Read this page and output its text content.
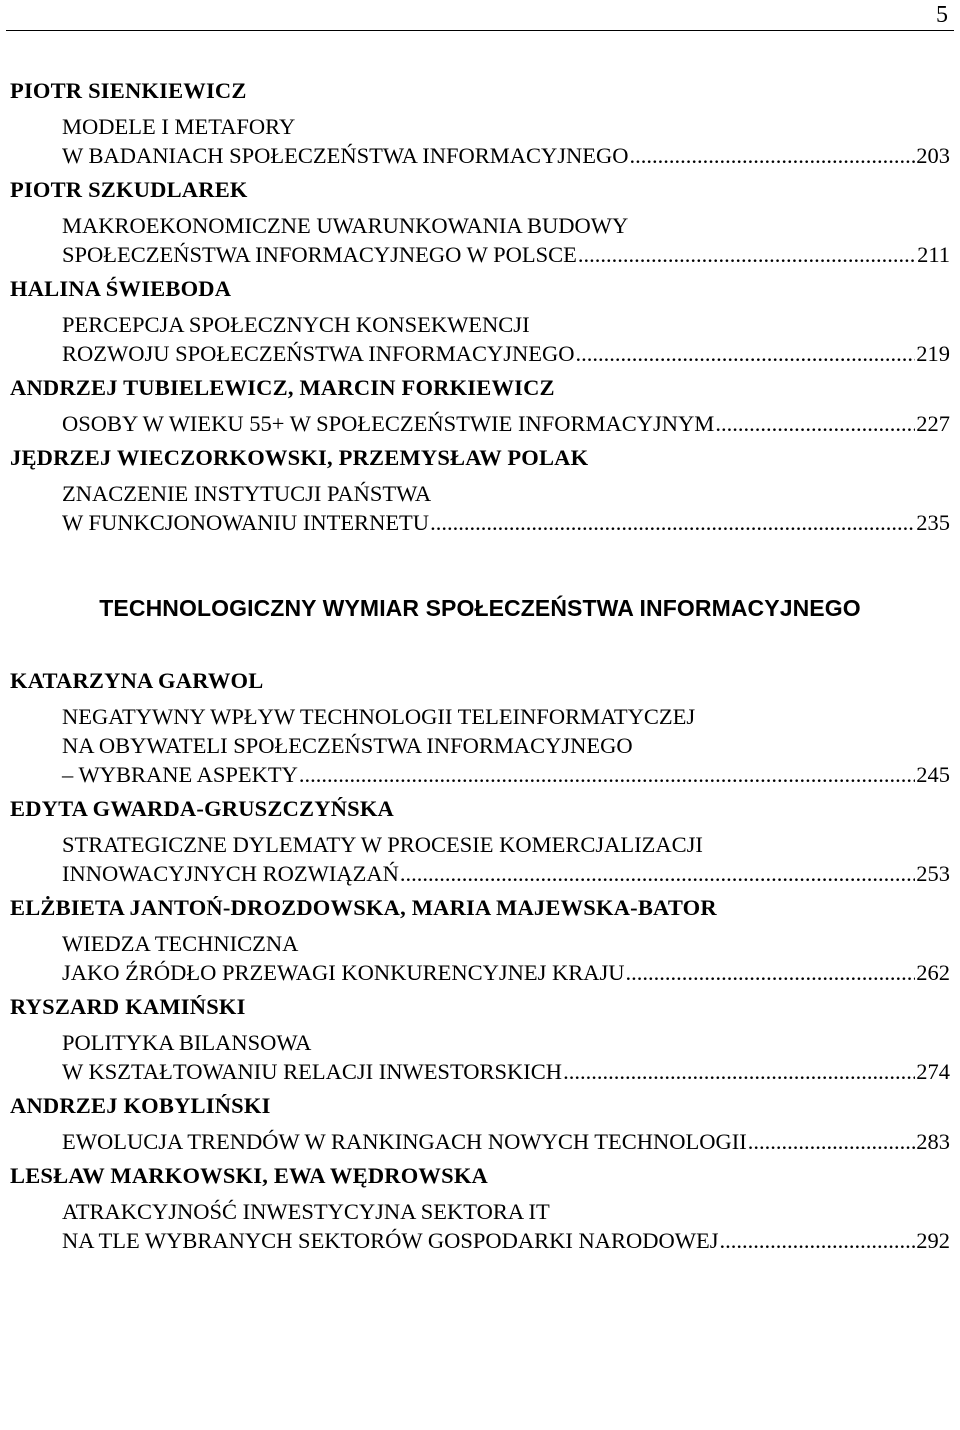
5
PIOTR SIENKIEWICZ
MODELE I METAFORY
W BADANIACH SPOŁECZEŃSTWA INFORMACYJNEGO .....	203
PIOTR SZKUDLAREK
MAKROEKONOMICZNE UWARUNKOWANIA BUDOWY
SPOŁECZEŃSTWA INFORMACYJNEGO W POLSCE .....	211
HALINA ŚWIEBODA
PERCEPCJA SPOŁECZNYCH KONSEKWENCJI
ROZWOJU SPOŁECZEŃSTWA INFORMACYJNEGO .....	219
ANDRZEJ TUBIELEWICZ, MARCIN FORKIEWICZ
OSOBY W WIEKU 55+ W SPOŁECZEŃSTWIE INFORMACYJNYM .....	227
JĘDRZEJ WIECZORKOWSKI, PRZEMYSŁAW POLAK
ZNACZENIE INSTYTUCJI PAŃSTWA
W FUNKCJONOWANIU INTERNETU .....	235
TECHNOLOGICZNY WYMIAR SPOŁECZEŃSTWA INFORMACYJNEGO
KATARZYNA GARWOL
NEGATYWNY WPŁYW TECHNOLOGII TELEINFORMATYCZEJ
NA OBYWATELI SPOŁECZEŃSTWA INFORMACYJNEGO
– WYBRANE ASPEKTY .....	245
EDYTA GWARDA-GRUSZCZYŃSKA
STRATEGICZNE DYLEMATY W PROCESIE KOMERCJALIZACJI
INNOWACYJNYCH ROZWIĄZAŃ .....	253
ELŻBIETA JANTOŃ-DROZDOWSKA, MARIA MAJEWSKA-BATOR
WIEDZA TECHNICZNA
JAKO ŹRÓDŁO PRZEWAGI KONKURENCYJNEJ KRAJU .....	262
RYSZARD KAMIŃSKI
POLITYKA BILANSOWA
W KSZTAŁTOWANIU RELACJI INWESTORSKICH .....	274
ANDRZEJ KOBYLIŃSKI
EWOLUCJA TRENDÓW W RANKINGACH NOWYCH TECHNOLOGII .....	283
LESŁAW MARKOWSKI, EWA WĘDROWSKA
ATRAKCYJNOŚĆ INWESTYCYJNA SEKTORA IT
NA TLE WYBRANYCH SEKTORÓW GOSPODARKI NARODOWEJ .....	292
